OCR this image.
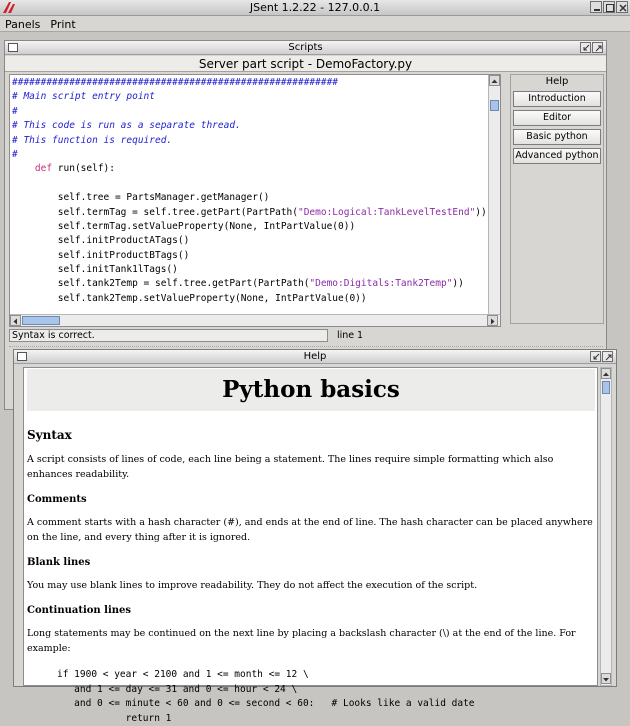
JSent 1.2.22 - 127.0.0.1
Panels Print
Scripts
Server part script - DemoFactory.py
#########################################################
# Main script entry point
#
# This code is run as a separate thread.
# This function is required.
#
def run(self):
self.tree = PartsManager.getManager()
self.termTag = self.tree.getPart(PartPath("Demo:Logical:TankLevelTestEnd"))
self.termTag.setValueProperty(None, IntPartValue(0))
self.initProductATags()
self.initProductBTags()
self.initTank1lTags()
self.tank2Temp = self.tree.getPart(PartPath("Demo:Digitals:Tank2Temp"))
self.tank2Temp.setValueProperty(None, IntPartValue(0))
Help
Introduction
Editor
Basic python
Advanced python
Syntax is correct.	line 1
Help
Python basics
Syntax

A script consists of lines of code, each line being a statement. The lines require simple formatting which also enhances readability.

Comments

A comment starts with a hash character (#), and ends at the end of line. The hash character can be placed anywhere on the line, and every thing after it is ignored.

Blank lines

You may use blank lines to improve readability. They do not affect the execution of the script.

Continuation lines

Long statements may be continued on the next line by placing a backslash character (\) at the end of the line. For example:

if 1900 < year < 2100 and 1 <= month <= 12 \
and 1 <= day <= 31 and 0 <= hour < 24 \
and 0 <= minute < 60 and 0 <= second < 60:   # Looks like a valid date
return 1
